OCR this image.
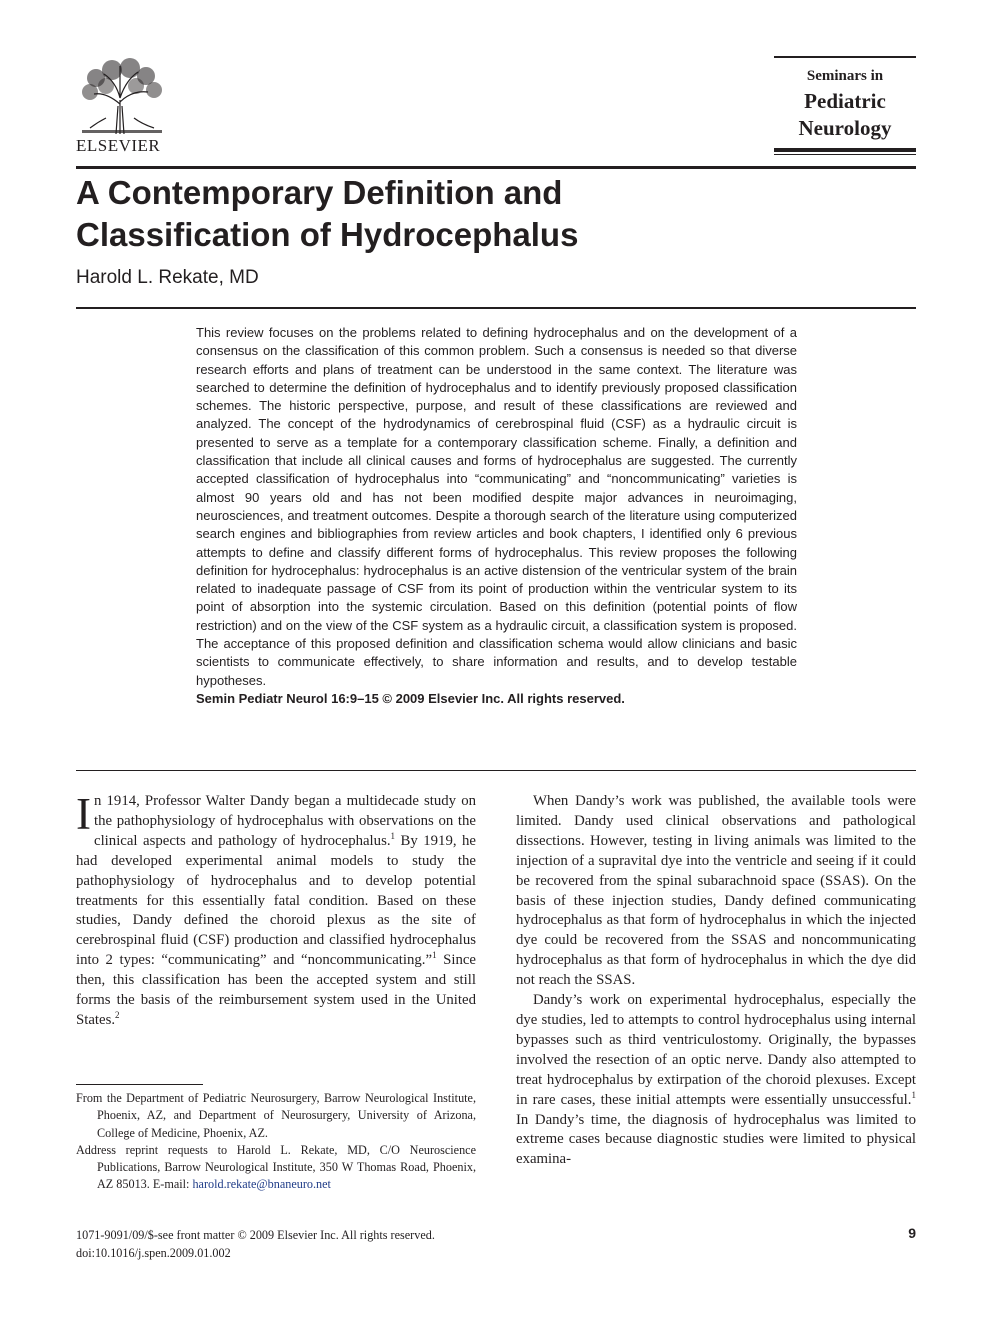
ELSEVIER
Seminars in
Pediatric
Neurology
A Contemporary Definition and Classification of Hydrocephalus
Harold L. Rekate, MD

This review focuses on the problems related to defining hydrocephalus and on the development of a consensus on the classification of this common problem. Such a consensus is needed so that diverse research efforts and plans of treatment can be understood in the same context. The literature was searched to determine the definition of hydrocephalus and to identify previously proposed classification schemes. The historic perspective, purpose, and result of these classifications are reviewed and analyzed. The concept of the hydrodynamics of cerebrospinal fluid (CSF) as a hydraulic circuit is presented to serve as a template for a contemporary classification scheme. Finally, a definition and classification that include all clinical causes and forms of hydrocephalus are suggested. The currently accepted classification of hydrocephalus into “communicating” and “noncommunicating” varieties is almost 90 years old and has not been modified despite major advances in neuroimaging, neurosciences, and treatment outcomes. Despite a thorough search of the literature using computerized search engines and bibliographies from review articles and book chapters, I identified only 6 previous attempts to define and classify different forms of hydrocephalus. This review proposes the following definition for hydrocephalus: hydrocephalus is an active distension of the ventricular system of the brain related to inadequate passage of CSF from its point of production within the ventricular system to its point of absorption into the systemic circulation. Based on this definition (potential points of flow restriction) and on the view of the CSF system as a hydraulic circuit, a classification system is proposed. The acceptance of this proposed definition and classification schema would allow clinicians and basic scientists to communicate effectively, to share information and results, and to develop testable hypotheses.

Semin Pediatr Neurol 16:9–15 © 2009 Elsevier Inc. All rights reserved.

In 1914, Professor Walter Dandy began a multidecade study on the pathophysiology of hydrocephalus with observations on the clinical aspects and pathology of hydrocephalus.$^1$ By 1919, he had developed experimental animal models to study the pathophysiology of hydrocephalus and to develop potential treatments for this essentially fatal condition. Based on these studies, Dandy defined the choroid plexus as the site of cerebrospinal fluid (CSF) production and classified hydrocephalus into 2 types: “communicating” and “noncommunicating.”$^1$ Since then, this classification has been the accepted system and still forms the basis of the reimbursement system used in the United States.$^2$

When Dandy’s work was published, the available tools were limited. Dandy used clinical observations and pathological dissections. However, testing in living animals was limited to the injection of a supravital dye into the ventricle and seeing if it could be recovered from the spinal subarachnoid space (SSAS). On the basis of these injection studies, Dandy defined communicating hydrocephalus as that form of hydrocephalus in which the injected dye could be recovered from the SSAS and noncommunicating hydrocephalus as that form of hydrocephalus in which the dye did not reach the SSAS.

Dandy’s work on experimental hydrocephalus, especially the dye studies, led to attempts to control hydrocephalus using internal bypasses such as third ventriculostomy. Originally, the bypasses involved the resection of an optic nerve. Dandy also attempted to treat hydrocephalus by extirpation of the choroid plexuses. Except in rare cases, these initial attempts were essentially unsuccessful.$^1$ In Dandy’s time, the diagnosis of hydrocephalus was limited to extreme cases because diagnostic studies were limited to physical examina-

From the Department of Pediatric Neurosurgery, Barrow Neurological Institute, Phoenix, AZ, and Department of Neurosurgery, University of Arizona, College of Medicine, Phoenix, AZ.

Address reprint requests to Harold L. Rekate, MD, C/O Neuroscience Publications, Barrow Neurological Institute, 350 W Thomas Road, Phoenix, AZ 85013. E-mail: harold.rekate@bnaneuro.net

1071-9091/09/$-see front matter © 2009 Elsevier Inc. All rights reserved.
doi:10.1016/j.spen.2009.01.002
9
